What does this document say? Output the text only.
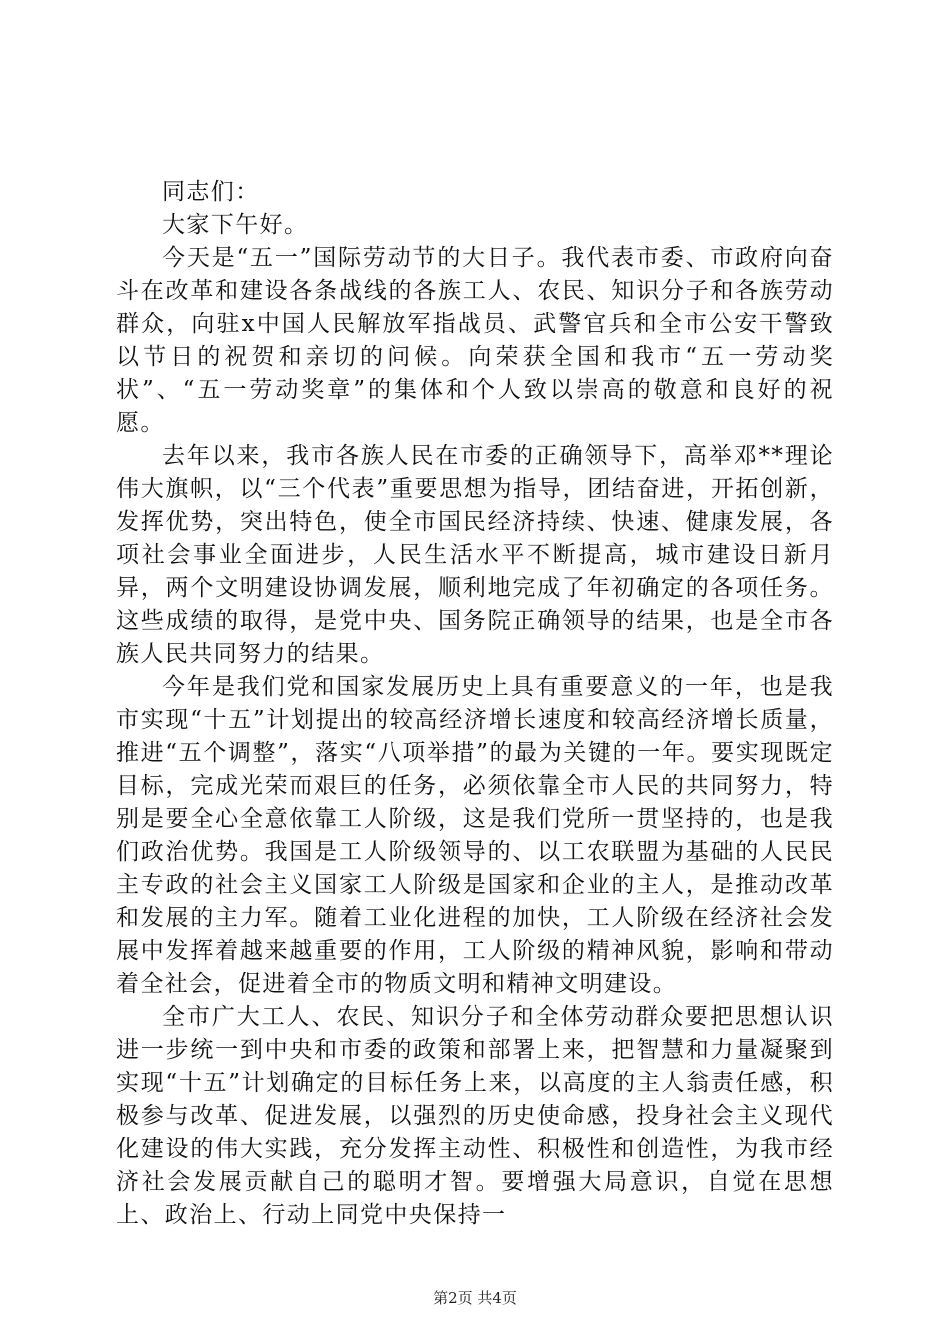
同志们：

大家下午好。

今天是“五一”国际劳动节的大日子。我代表市委、市政府向奋斗在改革和建设各条战线的各族工人、农民、知识分子和各族劳动群众，向驻x中国人民解放军指战员、武警官兵和全市公安干警致以节日的祝贺和亲切的问候。向荣获全国和我市“五一劳动奖状”、“五一劳动奖章”的集体和个人致以崇高的敬意和良好的祝愿。

去年以来，我市各族人民在市委的正确领导下，高举邓**理论伟大旗帜，以“三个代表”重要思想为指导，团结奋进，开拓创新，发挥优势，突出特色，使全市国民经济持续、快速、健康发展，各项社会事业全面进步，人民生活水平不断提高，城市建设日新月异，两个文明建设协调发展，顺利地完成了年初确定的各项任务。这些成绩的取得，是党中央、国务院正确领导的结果，也是全市各族人民共同努力的结果。

今年是我们党和国家发展历史上具有重要意义的一年，也是我市实现“十五”计划提出的较高经济增长速度和较高经济增长质量，推进“五个调整”，落实“八项举措”的最为关键的一年。要实现既定目标，完成光荣而艰巨的任务，必须依靠全市人民的共同努力，特别是要全心全意依靠工人阶级，这是我们党所一贯坚持的，也是我们政治优势。我国是工人阶级领导的、以工农联盟为基础的人民民主专政的社会主义国家工人阶级是国家和企业的主人，是推动改革和发展的主力军。随着工业化进程的加快，工人阶级在经济社会发展中发挥着越来越重要的作用，工人阶级的精神风貌，影响和带动着全社会，促进着全市的物质文明和精神文明建设。

全市广大工人、农民、知识分子和全体劳动群众要把思想认识进一步统一到中央和市委的政策和部署上来，把智慧和力量凝聚到实现“十五”计划确定的目标任务上来，以高度的主人翁责任感，积极参与改革、促进发展，以强烈的历史使命感，投身社会主义现代化建设的伟大实践，充分发挥主动性、积极性和创造性，为我市经济社会发展贡献自己的聪明才智。要增强大局意识，自觉在思想上、政治上、行动上同党中央保持一

第2页 共4页
